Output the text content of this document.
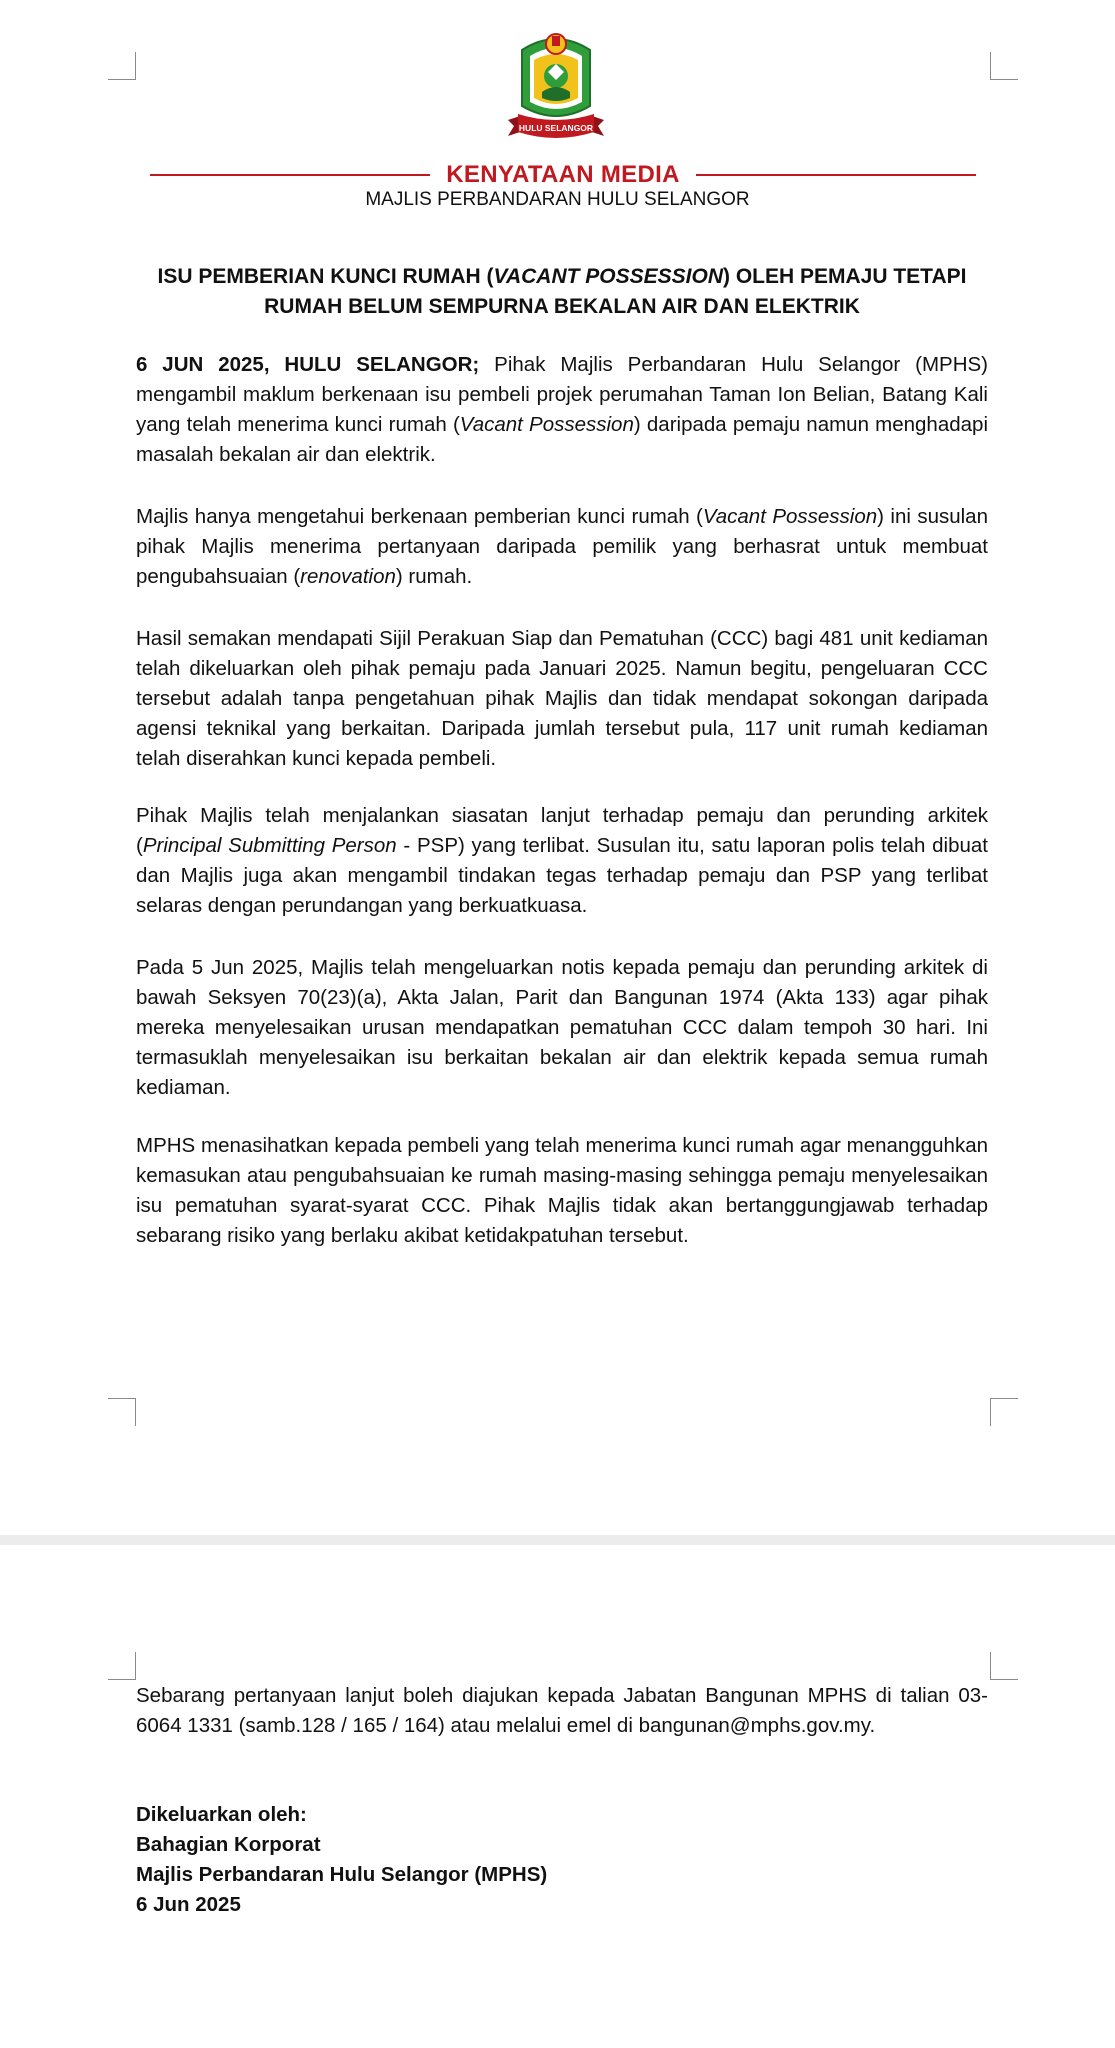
HULU SELANGOR
KENYATAAN MEDIA
MAJLIS PERBANDARAN HULU SELANGOR
ISU PEMBERIAN KUNCI RUMAH (VACANT POSSESSION) OLEH PEMAJU TETAPI RUMAH BELUM SEMPURNA BEKALAN AIR DAN ELEKTRIK
6 JUN 2025, HULU SELANGOR; Pihak Majlis Perbandaran Hulu Selangor (MPHS) mengambil maklum berkenaan isu pembeli projek perumahan Taman Ion Belian, Batang Kali yang telah menerima kunci rumah (Vacant Possession) daripada pemaju namun menghadapi masalah bekalan air dan elektrik.
Majlis hanya mengetahui berkenaan pemberian kunci rumah (Vacant Possession) ini susulan pihak Majlis menerima pertanyaan daripada pemilik yang berhasrat untuk membuat pengubahsuaian (renovation) rumah.
Hasil semakan mendapati Sijil Perakuan Siap dan Pematuhan (CCC) bagi 481 unit kediaman telah dikeluarkan oleh pihak pemaju pada Januari 2025. Namun begitu, pengeluaran CCC tersebut adalah tanpa pengetahuan pihak Majlis dan tidak mendapat sokongan daripada agensi teknikal yang berkaitan. Daripada jumlah tersebut pula, 117 unit rumah kediaman telah diserahkan kunci kepada pembeli.
Pihak Majlis telah menjalankan siasatan lanjut terhadap pemaju dan perunding arkitek (Principal Submitting Person - PSP) yang terlibat. Susulan itu, satu laporan polis telah dibuat dan Majlis juga akan mengambil tindakan tegas terhadap pemaju dan PSP yang terlibat selaras dengan perundangan yang berkuatkuasa.
Pada 5 Jun 2025, Majlis telah mengeluarkan notis kepada pemaju dan perunding arkitek di bawah Seksyen 70(23)(a), Akta Jalan, Parit dan Bangunan 1974 (Akta 133) agar pihak mereka menyelesaikan urusan mendapatkan pematuhan CCC dalam tempoh 30 hari. Ini termasuklah menyelesaikan isu berkaitan bekalan air dan elektrik kepada semua rumah kediaman.
MPHS menasihatkan kepada pembeli yang telah menerima kunci rumah agar menangguhkan kemasukan atau pengubahsuaian ke rumah masing-masing sehingga pemaju menyelesaikan isu pematuhan syarat-syarat CCC. Pihak Majlis tidak akan bertanggungjawab terhadap sebarang risiko yang berlaku akibat ketidakpatuhan tersebut.
Sebarang pertanyaan lanjut boleh diajukan kepada Jabatan Bangunan MPHS di talian 03-6064 1331 (samb.128 / 165 / 164) atau melalui emel di bangunan@mphs.gov.my.
Dikeluarkan oleh:
Bahagian Korporat
Majlis Perbandaran Hulu Selangor (MPHS)
6 Jun 2025
